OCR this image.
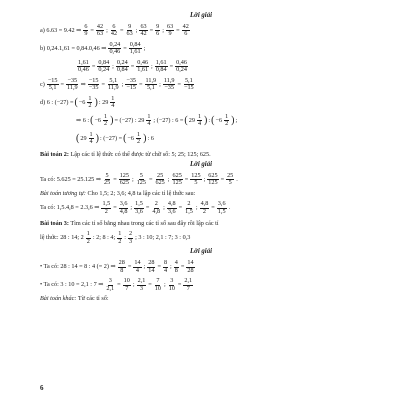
Lời giải
a) 6.63 = 9.42 ⇒ $\frac{6}{9} = \frac{42}{63}$ ; $\frac{6}{42} = \frac{9}{63}$ ; $\frac{63}{42} = \frac{9}{6}$ ; $\frac{63}{9} = \frac{42}{6}$
b) 0,24.1,61 = 0,84.0,46 ⇒ $\frac{0,24}{0,46} = \frac{0,84}{1,61}$ ;
$\frac{1,61}{0,46} = \frac{0,84}{0,24}$ ; $\frac{0,24}{0,84} = \frac{0,46}{1,61}$ ; $\frac{1,61}{0,84} = \frac{0,46}{0,24}$
$c) \frac{-15}{5,1} = \frac{-35}{11,9}$ ⇒ $\frac{-15}{-35} = \frac{5,1}{11,9}$ ; $\frac{-35}{-15} = \frac{11,9}{5,1}$ ; $\frac{11,9}{-35} = \frac{5,1}{-15}$
d) 6 : (−27) = ( $-6 \frac{1}{2}$ ) : $29 \frac{1}{4}$
⇒ 6 : ( $-6 \frac{1}{2}$ ) = (−27) : $29 \frac{1}{4}$ ; (−27) : 6 = ( $29 \frac{1}{4}$ ) : ( $-6 \frac{1}{2}$ ) ;
( $29 \frac{1}{4}$ ) : (−27) = ( $-6 \frac{1}{2}$ ) : 6
Bài toán 2: Lập các tỉ lệ thức có thể được từ chữ số: 5; 25; 125; 625.
Lời giải
Ta có: 5.625 = 25.125 ⇒ $\frac{5}{25} = \frac{125}{625}$ ; $\frac{5}{125} = \frac{25}{625}$ ; $\frac{625}{125} = \frac{125}{5}$ ; $\frac{625}{125} = \frac{25}{5}$ .
Bài toán tương tự: Cho 1,5; 2; 3,6; 4,8 ta lập các tỉ lệ thức sau:
Ta có: 1,5.4,8 = 2.3,6 ⇒ $\frac{1,5}{2} = \frac{3,6}{4,8}$ ; $\frac{1,5}{3,6} = \frac{2}{4,8}$ ; $\frac{4,8}{3,6} = \frac{2}{1,5}$ ; $\frac{4,8}{2} = \frac{3,6}{1,5}$ .
Bài toán 3: Tìm các tỉ số bằng nhau trong các tỉ số sau đây rồi lập các tỉ
lệ thức: 28 : 14; $2 \frac{1}{2}$ : 2; 8 : 4; $\frac{1}{2}$ : $\frac{2}{3}$ ; 3 : 10; 2,1 : 7; 3 : 0,3
Lời giải
• Ta có: 28 : 14 = 8 : 4 (= 2) ⇒ $\frac{28}{8} = \frac{14}{4}$ ; $\frac{28}{14} = \frac{8}{4}$ ; $\frac{4}{8} = \frac{14}{28}$
• Ta có: 3 : 10 = 2,1 : 7 ⇒ $\frac{3}{2,1} = \frac{10}{7}$ ; $\frac{2,1}{3} = \frac{7}{10}$ ; $\frac{3}{10} = \frac{2,1}{7}$
Bài toán khác: Từ các tỉ số:
6
